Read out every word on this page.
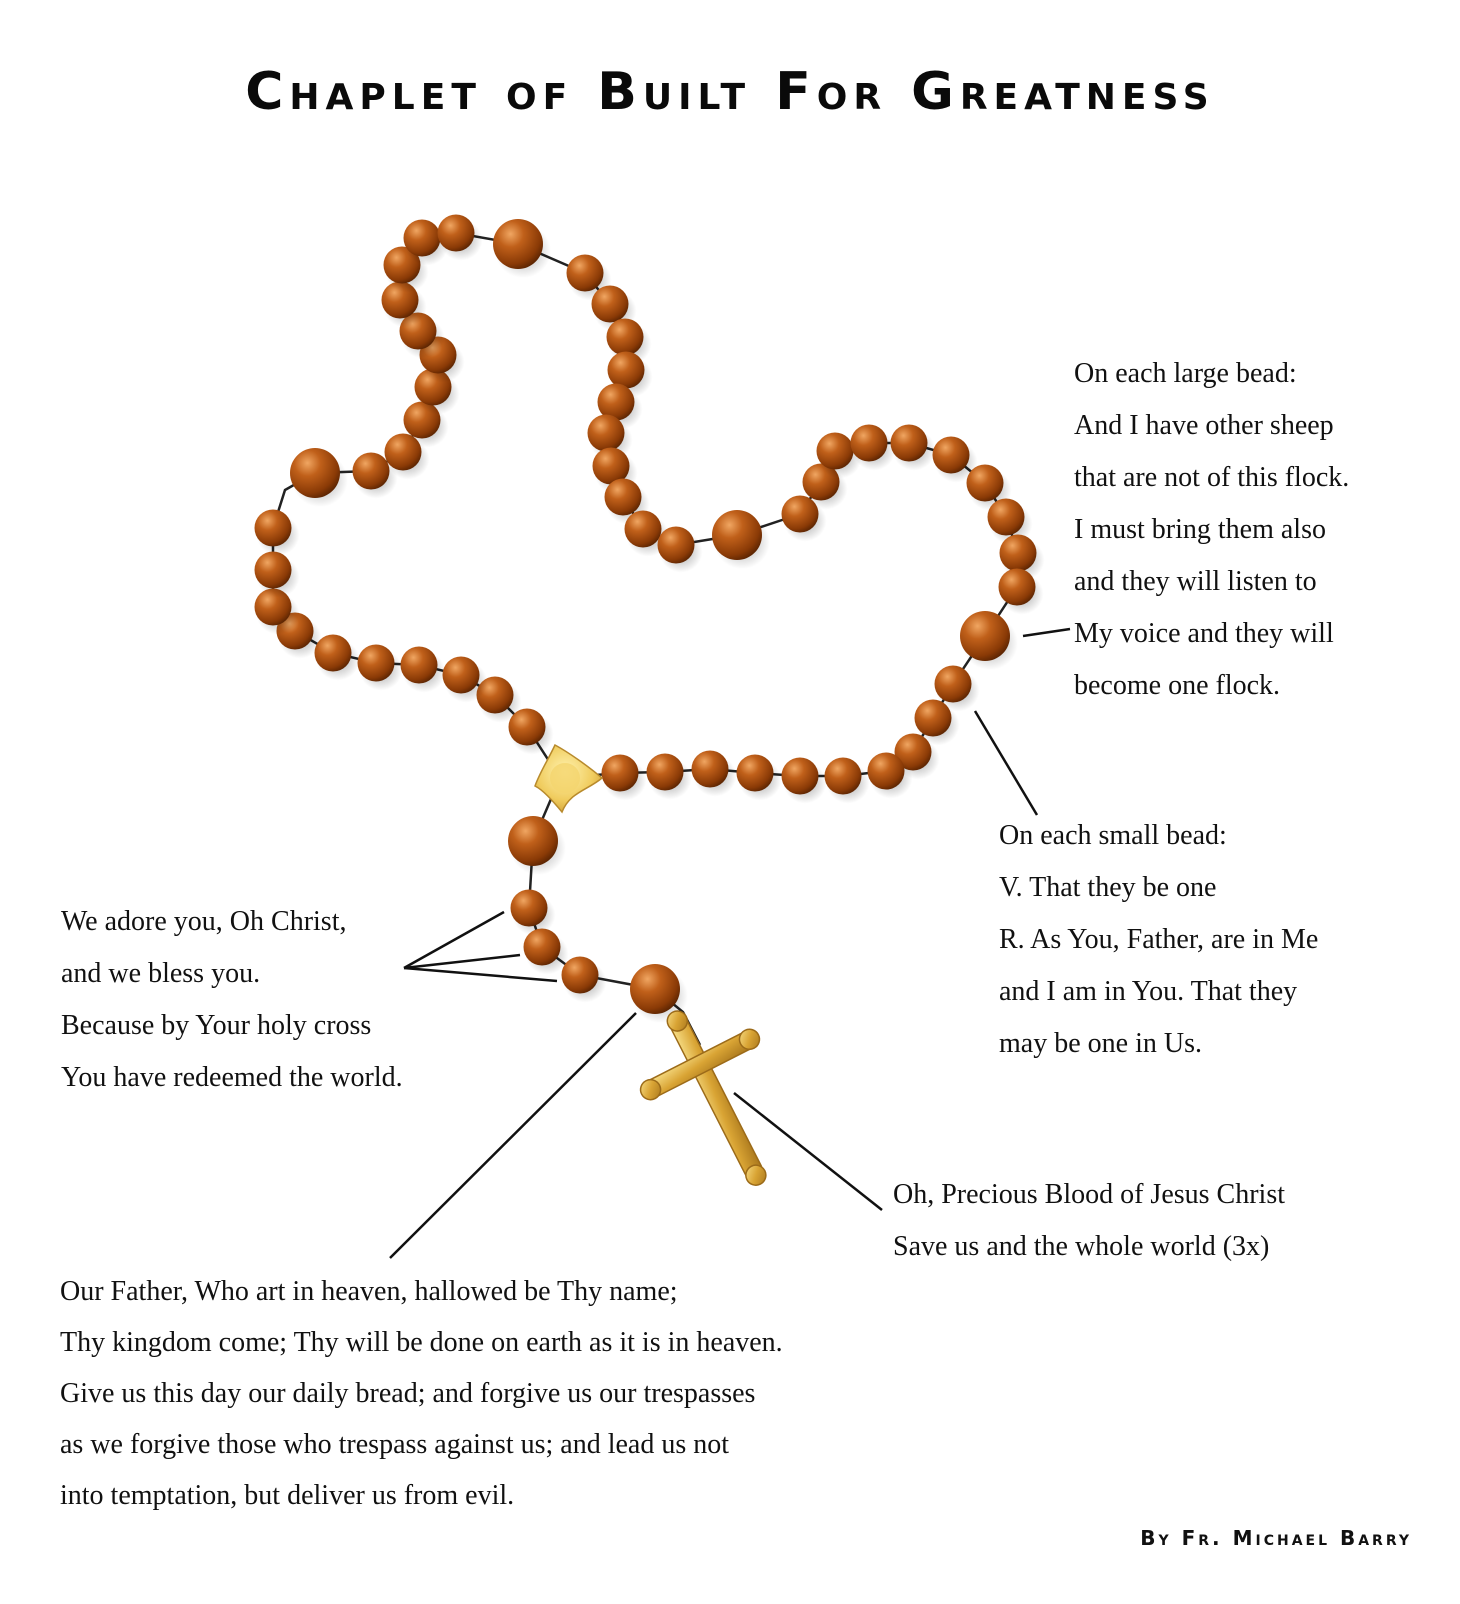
Chaplet of Built For Greatness
On each large bead:
And I have other sheep
that are not of this flock.
I must bring them also
and they will listen to
My voice and they will
become one flock.
On each small bead:
V. That they be one
R. As You, Father, are in Me
and I am in You. That they
may be one in Us.
We adore you, Oh Christ,
and we bless you.
Because by Your holy cross
You have redeemed the world.
Oh, Precious Blood of Jesus Christ
Save us and the whole world (3x)
Our Father, Who art in heaven, hallowed be Thy name;
Thy kingdom come; Thy will be done on earth as it is in heaven.
Give us this day our daily bread; and forgive us our trespasses
as we forgive those who trespass against us; and lead us not
into temptation, but deliver us from evil.
By Fr. Michael Barry
